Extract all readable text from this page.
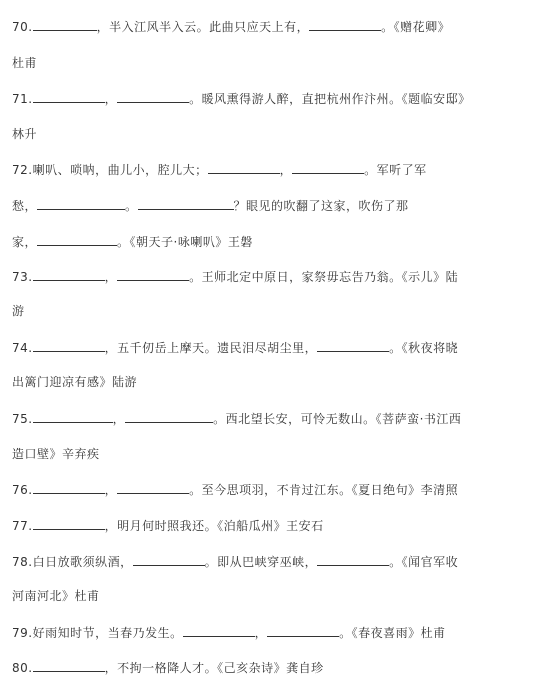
70.	，半入江风半入云。此曲只应天上有，	。《赠花卿》
杜甫
71.	，	。暖风熏得游人醉，直把杭州作汴州。《题临安邸》
林升
72.喇叭、唢呐，曲儿小，腔儿大；	，	。军听了军
愁，	。	？眼见的吹翻了这家，吹伤了那
家，	。《朝天子·咏喇叭》王磐
73.	，	。王师北定中原日，家祭毋忘告乃翁。《示儿》陆
游
74.	，五千仞岳上摩天。遗民泪尽胡尘里，	。《秋夜将晓
出篱门迎凉有感》陆游
75.	，	。西北望长安，可怜无数山。《菩萨蛮·书江西
造口壁》辛弃疾
76.	，	。至今思项羽，不肯过江东。《夏日绝句》李清照
77.	，明月何时照我还。《泊船瓜州》王安石
78.白日放歌须纵酒，	。即从巴峡穿巫峡，	。《闻官军收
河南河北》杜甫
79.好雨知时节，当春乃发生。	，	。《春夜喜雨》杜甫
80.	，不拘一格降人才。《己亥杂诗》龚自珍
